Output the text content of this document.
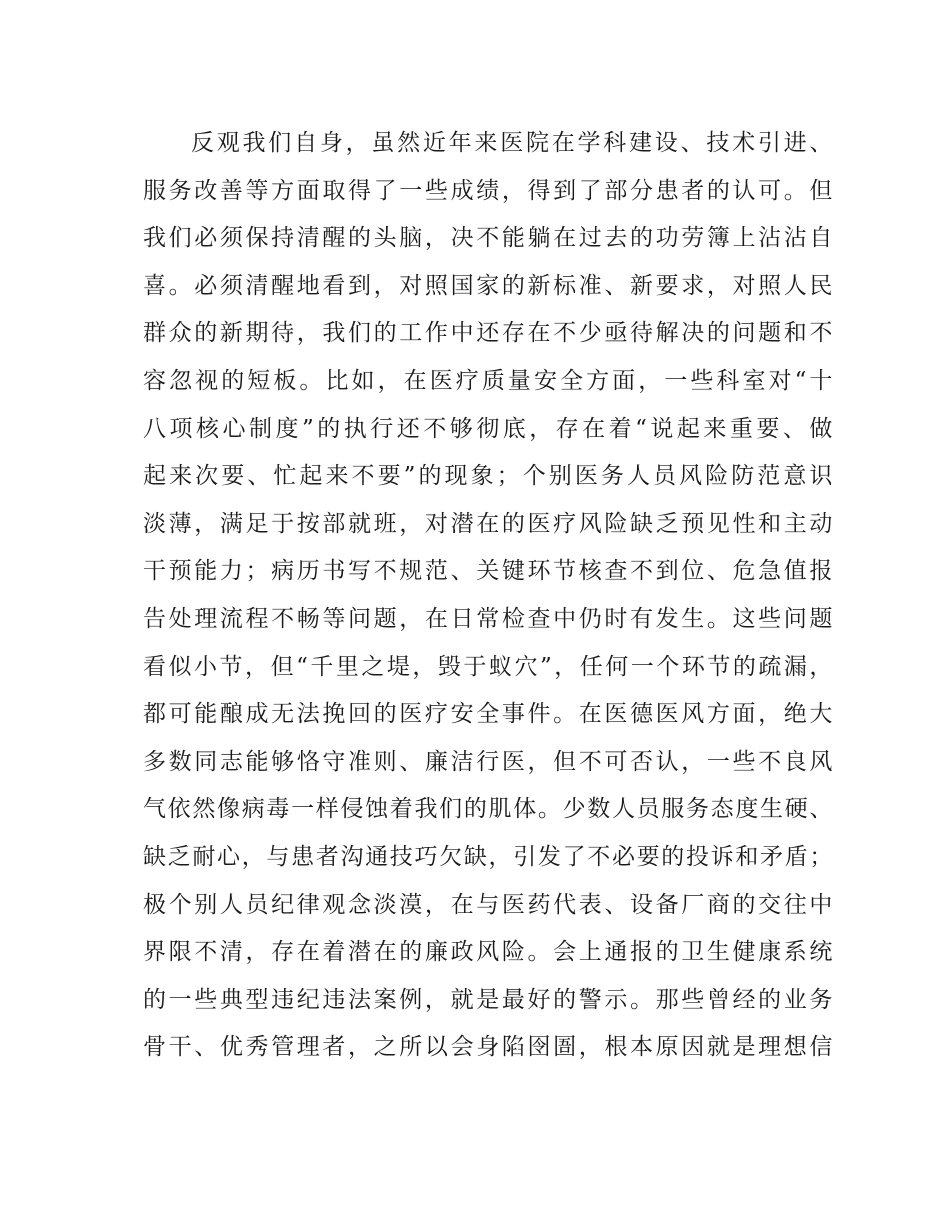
反观我们自身，虽然近年来医院在学科建设、技术引进、
服务改善等方面取得了一些成绩，得到了部分患者的认可。但
我们必须保持清醒的头脑，决不能躺在过去的功劳簿上沾沾自
喜。必须清醒地看到，对照国家的新标准、新要求，对照人民
群众的新期待，我们的工作中还存在不少亟待解决的问题和不
容忽视的短板。比如，在医疗质量安全方面，一些科室对“十
八项核心制度”的执行还不够彻底，存在着“说起来重要、做
起来次要、忙起来不要”的现象；个别医务人员风险防范意识
淡薄，满足于按部就班，对潜在的医疗风险缺乏预见性和主动
干预能力；病历书写不规范、关键环节核查不到位、危急值报
告处理流程不畅等问题，在日常检查中仍时有发生。这些问题
看似小节，但“千里之堤，毁于蚁穴”，任何一个环节的疏漏，
都可能酿成无法挽回的医疗安全事件。在医德医风方面，绝大
多数同志能够恪守准则、廉洁行医，但不可否认，一些不良风
气依然像病毒一样侵蚀着我们的肌体。少数人员服务态度生硬、
缺乏耐心，与患者沟通技巧欠缺，引发了不必要的投诉和矛盾；
极个别人员纪律观念淡漠，在与医药代表、设备厂商的交往中
界限不清，存在着潜在的廉政风险。会上通报的卫生健康系统
的一些典型违纪违法案例，就是最好的警示。那些曾经的业务
骨干、优秀管理者，之所以会身陷囹圄，根本原因就是理想信
